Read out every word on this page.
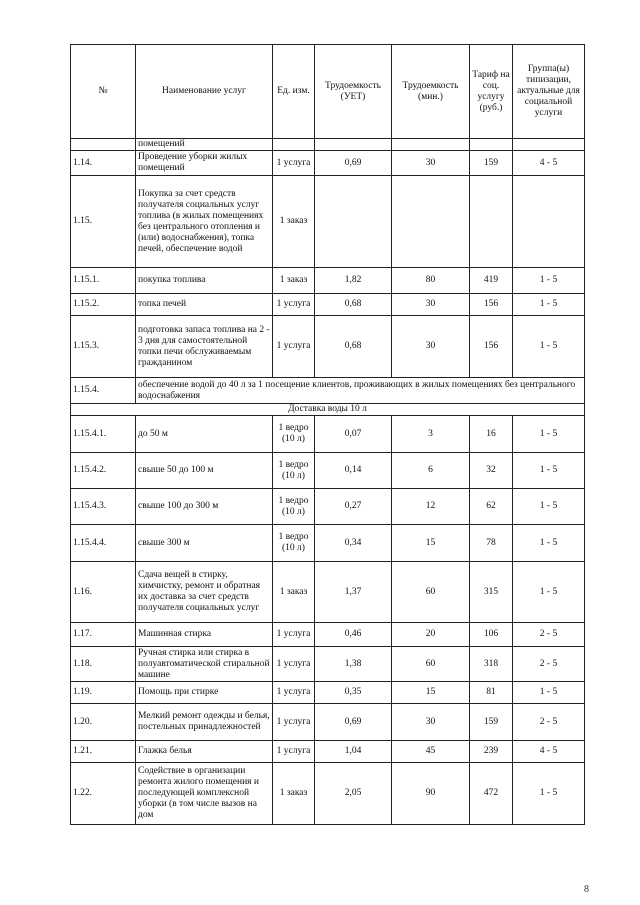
№	Наименование услуг	Ед. изм.	Трудоемкость (УЕТ)	Трудоемкость (мин.)	Тариф на соц. услугу (руб.)	Группа(ы) типизации, актуальные для социальной услуги
	помещений					
1.14.	Проведение уборки жилых помещений	1 услуга	0,69	30	159	4 - 5
1.15.	Покупка за счет средств получателя социальных услуг топлива (в жилых помещениях без центрального отопления и (или) водоснабжения), топка печей, обеспечение водой	1 заказ				
1.15.1.	покупка топлива	1 заказ	1,82	80	419	1 - 5
1.15.2.	топка печей	1 услуга	0,68	30	156	1 - 5
1.15.3.	подготовка запаса топлива на 2 - 3 дня для самостоятельной топки печи обслуживаемым гражданином	1 услуга	0,68	30	156	1 - 5
1.15.4.	обеспечение водой до 40 л за 1 посещение клиентов, проживающих в жилых помещениях без центрального водоснабжения					
Доставка воды 10 л						
1.15.4.1.	до 50 м	1 ведро (10 л)	0,07	3	16	1 - 5
1.15.4.2.	свыше 50 до 100 м	1 ведро (10 л)	0,14	6	32	1 - 5
1.15.4.3.	свыше 100 до 300 м	1 ведро (10 л)	0,27	12	62	1 - 5
1.15.4.4.	свыше 300 м	1 ведро (10 л)	0,34	15	78	1 - 5
1.16.	Сдача вещей в стирку, химчистку, ремонт и обратная их доставка за счет средств получателя социальных услуг	1 заказ	1,37	60	315	1 - 5
1.17.	Машинная стирка	1 услуга	0,46	20	106	2 - 5
1.18.	Ручная стирка или стирка в полуавтоматической стиральной машине	1 услуга	1,38	60	318	2 - 5
1.19.	Помощь при стирке	1 услуга	0,35	15	81	1 - 5
1.20.	Мелкий ремонт одежды и белья, постельных принадлежностей	1 услуга	0,69	30	159	2 - 5
1.21.	Глажка белья	1 услуга	1,04	45	239	4 - 5
1.22.	Содействие в организации ремонта жилого помещения и последующей комплексной уборки (в том числе вызов на дом	1 заказ	2,05	90	472	1 - 5
8
